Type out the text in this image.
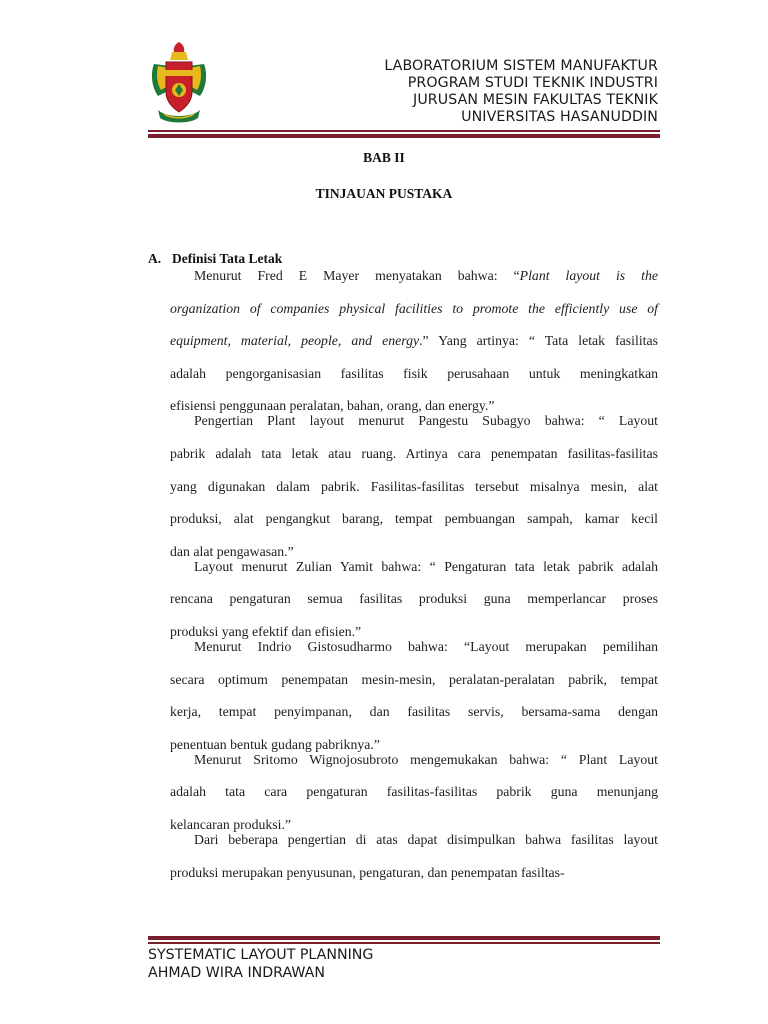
LABORATORIUM SISTEM MANUFAKTUR
PROGRAM STUDI TEKNIK INDUSTRI
JURUSAN MESIN FAKULTAS TEKNIK
UNIVERSITAS HASANUDDIN
BAB II
TINJAUAN PUSTAKA
A. Definisi Tata Letak
Menurut Fred E Mayer menyatakan bahwa: “Plant layout is the
organization of companies physical facilities to promote the efficiently use of
equipment, material, people, and energy.” Yang artinya: “ Tata letak fasilitas
adalah pengorganisasian fasilitas fisik perusahaan untuk meningkatkan
efisiensi penggunaan peralatan, bahan, orang, dan energy.”
Pengertian Plant layout menurut Pangestu Subagyo bahwa: “ Layout
pabrik adalah tata letak atau ruang. Artinya cara penempatan fasilitas-fasilitas
yang digunakan dalam pabrik. Fasilitas-fasilitas tersebut misalnya mesin, alat
produksi, alat pengangkut barang, tempat pembuangan sampah, kamar kecil
dan alat pengawasan.”
Layout menurut Zulian Yamit bahwa: “ Pengaturan tata letak pabrik adalah
rencana pengaturan semua fasilitas produksi guna memperlancar proses
produksi yang efektif dan efisien.”
Menurut Indrio Gistosudharmo bahwa: “Layout merupakan pemilihan
secara optimum penempatan mesin-mesin, peralatan-peralatan pabrik, tempat
kerja, tempat penyimpanan, dan fasilitas servis, bersama-sama dengan
penentuan bentuk gudang pabriknya.”
Menurut Sritomo Wignojosubroto mengemukakan bahwa: “ Plant Layout
adalah tata cara pengaturan fasilitas-fasilitas pabrik guna menunjang
kelancaran produksi.”
Dari beberapa pengertian di atas dapat disimpulkan bahwa fasilitas layout
produksi merupakan penyusunan, pengaturan, dan penempatan fasiltas-
SYSTEMATIC LAYOUT PLANNING
AHMAD WIRA INDRAWAN
